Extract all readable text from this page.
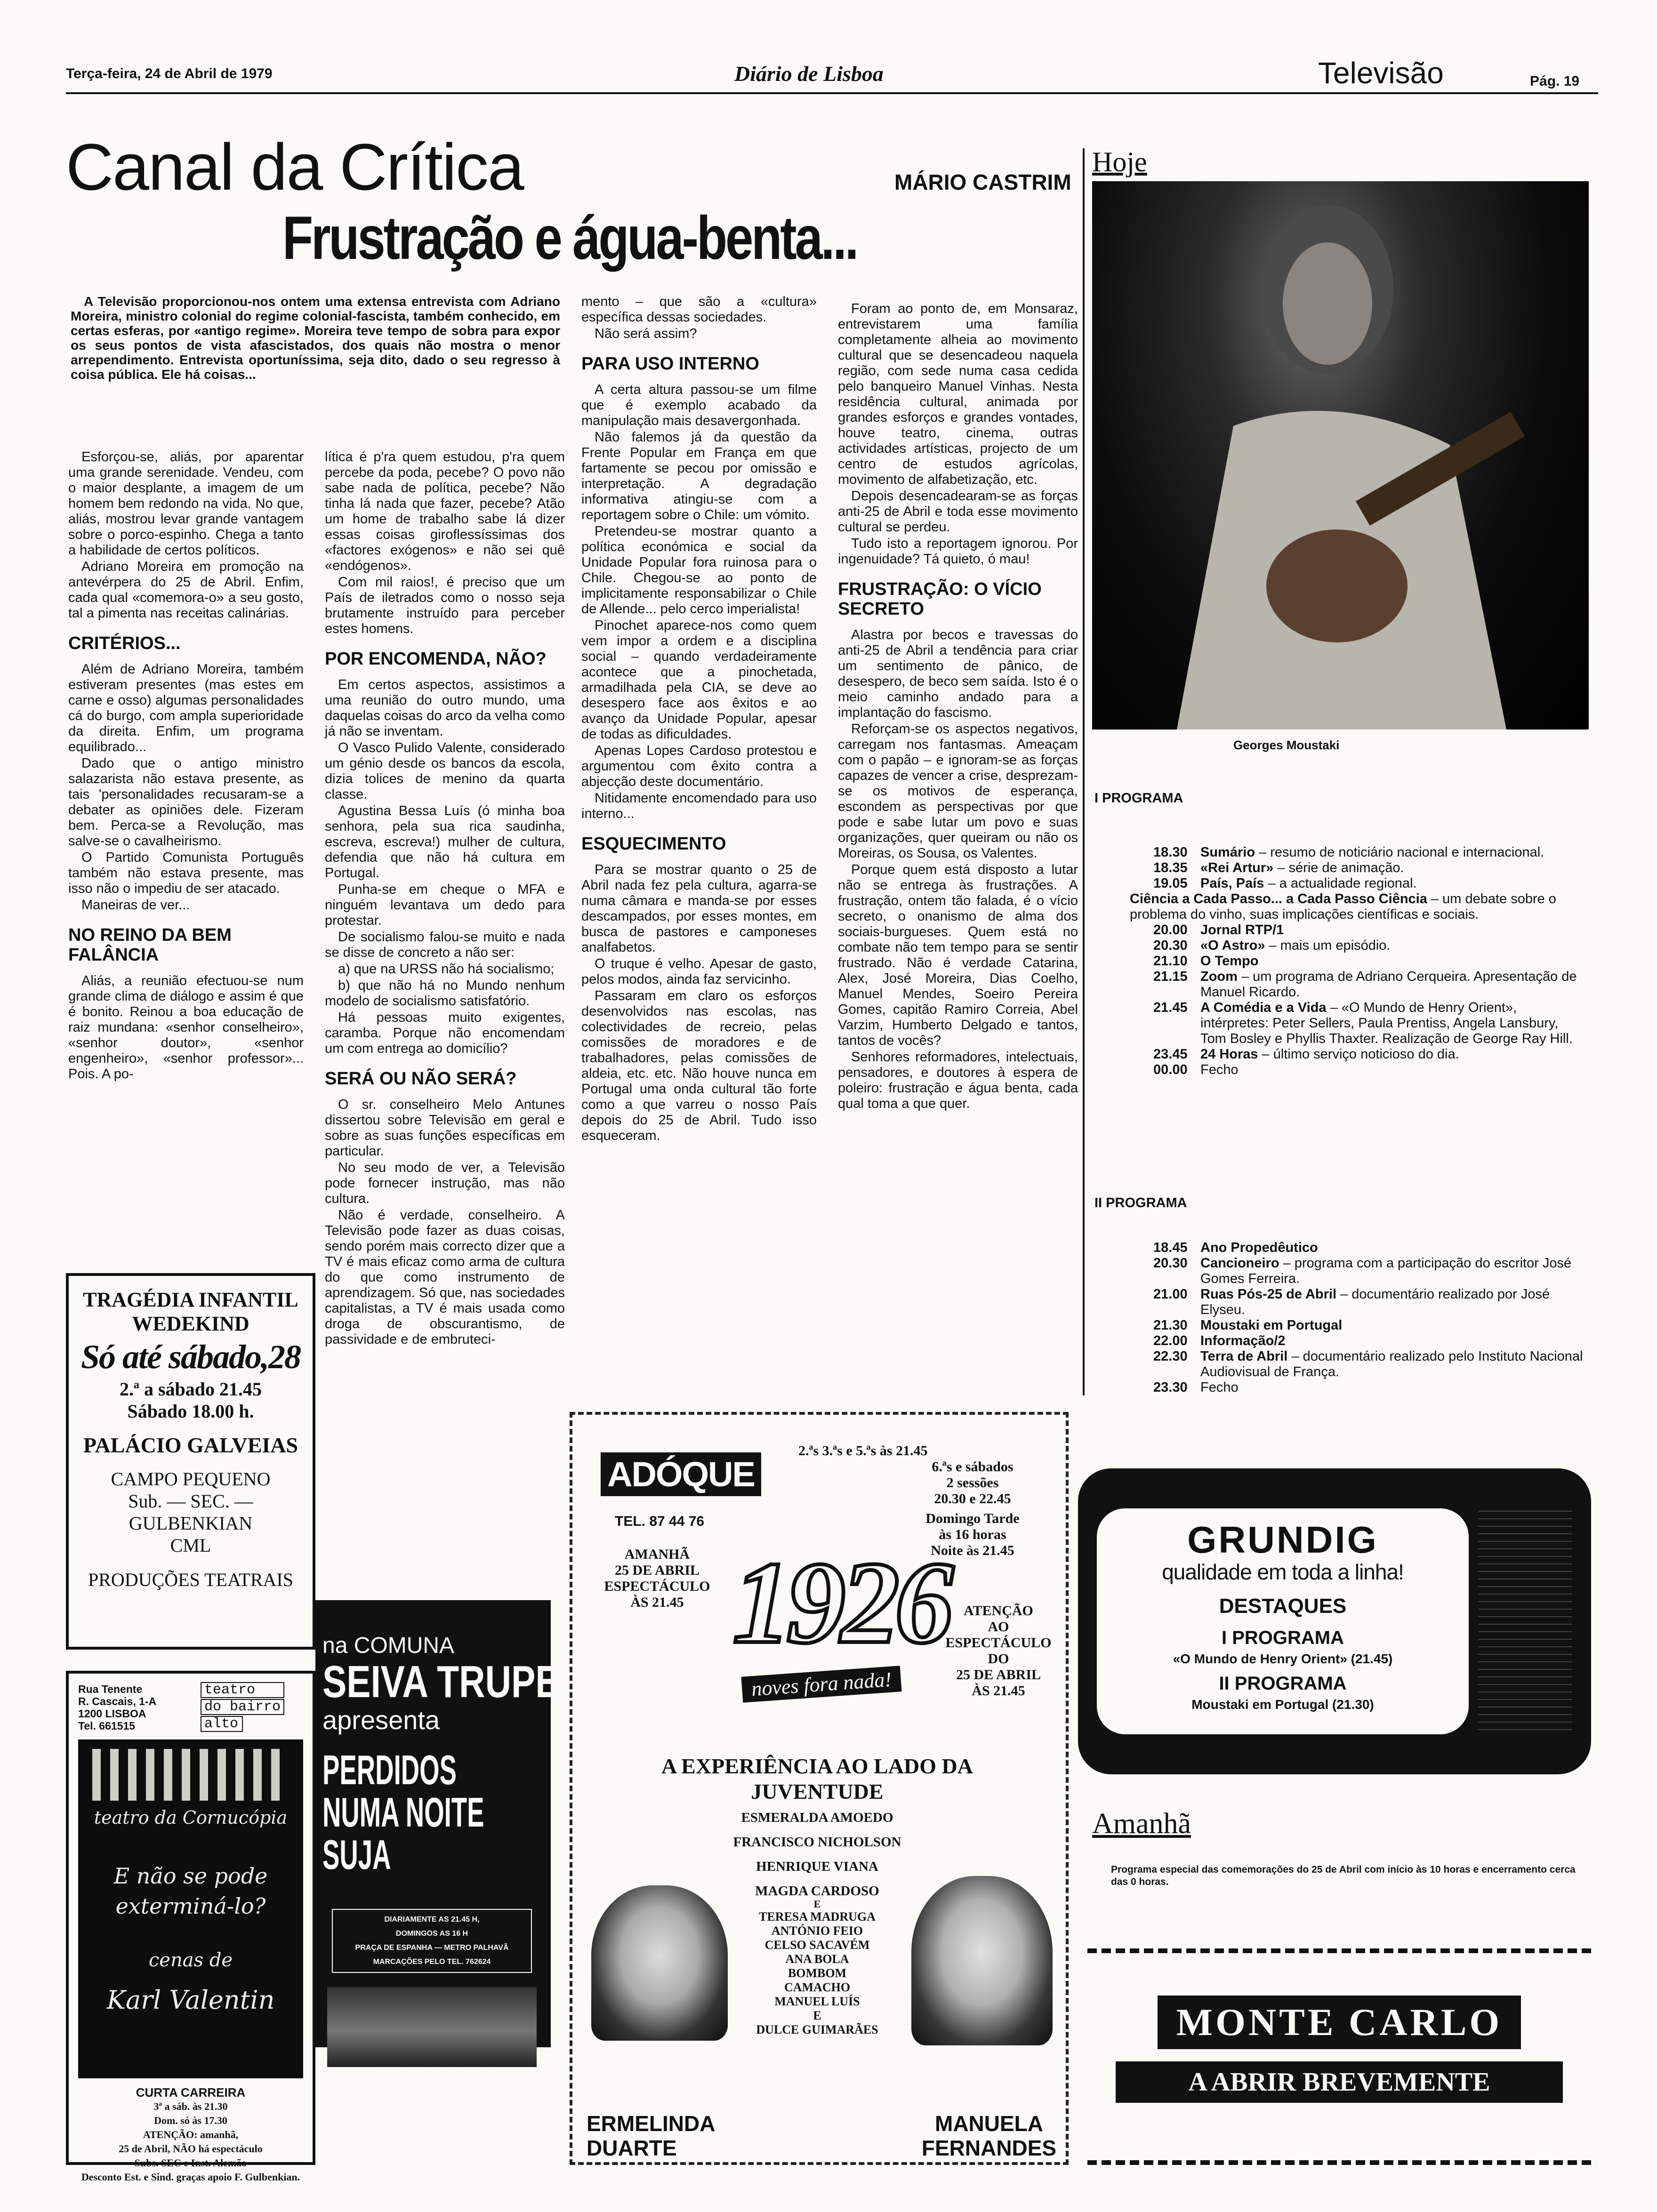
Terça-feira, 24 de Abril de 1979	Diário de Lisboa	Televisão	Pág. 19
Canal da Crítica	MÁRIO CASTRIM
Frustração e água-benta...

A Televisão proporcionou-nos ontem uma extensa entrevista com Adriano Moreira, ministro colonial do regime colonial-fascista, também conhecido, em certas esferas, por «antigo regime». Moreira teve tempo de sobra para expor os seus pontos de vista afascistados, dos quais não mostra o menor arrependimento. Entrevista oportuníssima, seja dito, dado o seu regresso à coisa pública. Ele há coisas...

Esforçou-se, aliás, por aparentar uma grande serenidade. Vendeu, com o maior desplante, a imagem de um homem bem redondo na vida. No que, aliás, mostrou levar grande vantagem sobre o porco-espinho. Chega a tanto a habilidade de certos políticos.

Adriano Moreira em promoção na antevérpera do 25 de Abril. Enfim, cada qual «comemora-o» a seu gosto, tal a pimenta nas receitas calinárias.

CRITÉRIOS...

Além de Adriano Moreira, também estiveram presentes (mas estes em carne e osso) algumas personalidades cá do burgo, com ampla superioridade da direita. Enfim, um programa equilibrado...

Dado que o antigo ministro salazarista não estava presente, as tais 'personalidades recusaram-se a debater as opiniões dele. Fizeram bem. Perca-se a Revolução, mas salve-se o cavalheirismo.

O Partido Comunista Português também não estava presente, mas isso não o impediu de ser atacado.

Maneiras de ver...

NO REINO DA BEM FALÂNCIA

Aliás, a reunião efectuou-se num grande clima de diálogo e assim é que é bonito. Reinou a boa educação de raiz mundana: «senhor conselheiro», «senhor doutor», «senhor engenheiro», «senhor professor»... Pois. A po-

lítica é p'ra quem estudou, p'ra quem percebe da poda, pecebe? O povo não sabe nada de política, pecebe? Não tinha lá nada que fazer, pecebe? Atão um home de trabalho sabe lá dizer essas coisas giroflessíssimas dos «factores exógenos» e não sei quê «endógenos».

Com mil raios!, é preciso que um País de iletrados como o nosso seja brutamente instruído para perceber estes homens.

POR ENCOMENDA, NÃO?

Em certos aspectos, assistimos a uma reunião do outro mundo, uma daquelas coisas do arco da velha como já não se inventam.

O Vasco Pulido Valente, considerado um génio desde os bancos da escola, dizia tolices de menino da quarta classe.

Agustina Bessa Luís (ó minha boa senhora, pela sua rica saudinha, escreva, escreva!) mulher de cultura, defendia que não há cultura em Portugal.

Punha-se em cheque o MFA e ninguém levantava um dedo para protestar.

De socialismo falou-se muito e nada se disse de concreto a não ser:

a) que na URSS não há socialismo;

b) que não há no Mundo nenhum modelo de socialismo satisfatório.

Há pessoas muito exigentes, caramba. Porque não encomendam um com entrega ao domicílio?

SERÁ OU NÃO SERÁ?

O sr. conselheiro Melo Antunes dissertou sobre Televisão em geral e sobre as suas funções específicas em particular.

No seu modo de ver, a Televisão pode fornecer instrução, mas não cultura.

Não é verdade, conselheiro. A Televisão pode fazer as duas coisas, sendo porém mais correcto dizer que a TV é mais eficaz como arma de cultura do que como instrumento de aprendizagem. Só que, nas sociedades capitalistas, a TV é mais usada como droga de obscurantismo, de passividade e de embruteci-

mento – que são a «cultura» específica dessas sociedades.

Não será assim?

PARA USO INTERNO

A certa altura passou-se um filme que é exemplo acabado da manipulação mais desavergonhada.

Não falemos já da questão da Frente Popular em França em que fartamente se pecou por omissão e interpretação. A degradação informativa atingiu-se com a reportagem sobre o Chile: um vómito.

Pretendeu-se mostrar quanto a política económica e social da Unidade Popular fora ruinosa para o Chile. Chegou-se ao ponto de implicitamente responsabilizar o Chile de Allende... pelo cerco imperialista!

Pinochet aparece-nos como quem vem impor a ordem e a disciplina social – quando verdadeiramente acontece que a pinochetada, armadilhada pela CIA, se deve ao desespero face aos êxitos e ao avanço da Unidade Popular, apesar de todas as dificuldades.

Apenas Lopes Cardoso protestou e argumentou com êxito contra a abjecção deste documentário.

Nitidamente encomendado para uso interno...

ESQUECIMENTO

Para se mostrar quanto o 25 de Abril nada fez pela cultura, agarra-se numa câmara e manda-se por esses descampados, por esses montes, em busca de pastores e camponeses analfabetos.

O truque é velho. Apesar de gasto, pelos modos, ainda faz servicinho.

Passaram em claro os esforços desenvolvidos nas escolas, nas colectividades de recreio, pelas comissões de moradores e de trabalhadores, pelas comissões de aldeia, etc. etc. Não houve nunca em Portugal uma onda cultural tão forte como a que varreu o nosso País depois do 25 de Abril. Tudo isso esqueceram.

Foram ao ponto de, em Monsaraz, entrevistarem uma família completamente alheia ao movimento cultural que se desencadeou naquela região, com sede numa casa cedida pelo banqueiro Manuel Vinhas. Nesta residência cultural, animada por grandes esforços e grandes vontades, houve teatro, cinema, outras actividades artísticas, projecto de um centro de estudos agrícolas, movimento de alfabetização, etc.

Depois desencadearam-se as forças anti-25 de Abril e toda esse movimento cultural se perdeu.

Tudo isto a reportagem ignorou. Por ingenuidade? Tá quieto, ó mau!

FRUSTRAÇÃO: O VÍCIO SECRETO

Alastra por becos e travessas do anti-25 de Abril a tendência para criar um sentimento de pânico, de desespero, de beco sem saída. Isto é o meio caminho andado para a implantação do fascismo.

Reforçam-se os aspectos negativos, carregam nos fantasmas. Ameaçam com o papão – e ignoram-se as forças capazes de vencer a crise, desprezam-se os motivos de esperança, escondem as perspectivas por que pode e sabe lutar um povo e suas organizações, quer queiram ou não os Moreiras, os Sousa, os Valentes.

Porque quem está disposto a lutar não se entrega às frustrações. A frustração, ontem tão falada, é o vício secreto, o onanismo de alma dos sociais-burgueses. Quem está no combate não tem tempo para se sentir frustrado. Não é verdade Catarina, Alex, José Moreira, Dias Coelho, Manuel Mendes, Soeiro Pereira Gomes, capitão Ramiro Correia, Abel Varzim, Humberto Delgado e tantos, tantos de vocês?

Senhores reformadores, intelectuais, pensadores, e doutores à espera de poleiro: frustração e água benta, cada qual toma a que quer.

Hoje
Georges Moustaki
I PROGRAMA
18.30 Sumário – resumo de noticiário nacional e internacional.
18.35 «Rei Artur» – série de animação.
19.05 País, País – a actualidade regional.
Ciência a Cada Passo... a Cada Passo Ciência – um debate sobre o problema do vinho, suas implicações científicas e sociais.
20.00 Jornal RTP/1
20.30 «O Astro» – mais um episódio.
21.10 O Tempo
21.15 Zoom – um programa de Adriano Cerqueira. Apresentação de Manuel Ricardo.
21.45 A Comédia e a Vida – «O Mundo de Henry Orient», intérpretes: Peter Sellers, Paula Prentiss, Angela Lansbury, Tom Bosley e Phyllis Thaxter. Realização de George Ray Hill.
23.45 24 Horas – último serviço noticioso do dia.
00.00 Fecho
II PROGRAMA
18.45 Ano Propedêutico
20.30 Cancioneiro – programa com a participação do escritor José Gomes Ferreira.
21.00 Ruas Pós-25 de Abril – documentário realizado por José Elyseu.
21.30 Moustaki em Portugal
22.00 Informação/2
22.30 Terra de Abril – documentário realizado pelo Instituto Nacional Audiovisual de França.
23.30 Fecho
GRUNDIG
qualidade em toda a linha!
DESTAQUES
I PROGRAMA
«O Mundo de Henry Orient» (21.45)
II PROGRAMA
Moustaki em Portugal (21.30)
Amanhã
Programa especial das comemorações do 25 de Abril com início às 10 horas e encerramento cerca das 0 horas.
MONTE CARLO
A ABRIR BREVEMENTE
TRAGÉDIA INFANTIL
WEDEKIND
Só até sábado,28
2.ª a sábado 21.45
Sábado 18.00 h.
PALÁCIO GALVEIAS
CAMPO PEQUENO
Sub. — SEC. — GULBENKIAN
CML
PRODUÇÕES TEATRAIS
Rua Tenente
R. Cascais, 1-A
1200 LISBOA
Tel. 661515
teatro
do bairro
alto
teatro da Cornucópia
E não se pode exterminá-lo?
cenas de
Karl Valentin
CURTA CARREIRA
3ª a sáb. às 21.30
Dom. só às 17.30
ATENÇÃO: amanhã,
25 de Abril, NÃO há espectáculo
Subs. SEC e Inst. Alemão
Desconto Est. e Sind. graças apoio F. Gulbenkian.
na COMUNA
SEIVA TRUPE
apresenta
PERDIDOS NUMA NOITE SUJA
DIARIAMENTE AS 21.45 H,
DOMINGOS AS 16 H
PRAÇA DE ESPANHA — METRO PALHAVÃ
MARCAÇÕES PELO TEL. 762624
ADÓQUE
TEL. 87 44 76
2.ªs 3.ªs e 5.ªs às 21.45
6.ªs e sábados
2 sessões
20.30 e 22.45
Domingo Tarde
às 16 horas
Noite às 21.45
AMANHÃ
25 DE ABRIL
ESPECTÁCULO
ÀS 21.45 1926
noves fora nada!
ATENÇÃO
AO
ESPECTÁCULO
DO
25 DE ABRIL
ÀS 21.45
A EXPERIÊNCIA AO LADO DA JUVENTUDE
ESMERALDA AMOEDO
FRANCISCO NICHOLSON
HENRIQUE VIANA
MAGDA CARDOSO
E
TERESA MADRUGA
ANTÓNIO FEIO
CELSO SACAVÉM
ANA BOLA
BOMBOM
CAMACHO
MANUEL LUÍS
E
DULCE GUIMARÃES
ERMELINDA DUARTE
MANUELA FERNANDES
